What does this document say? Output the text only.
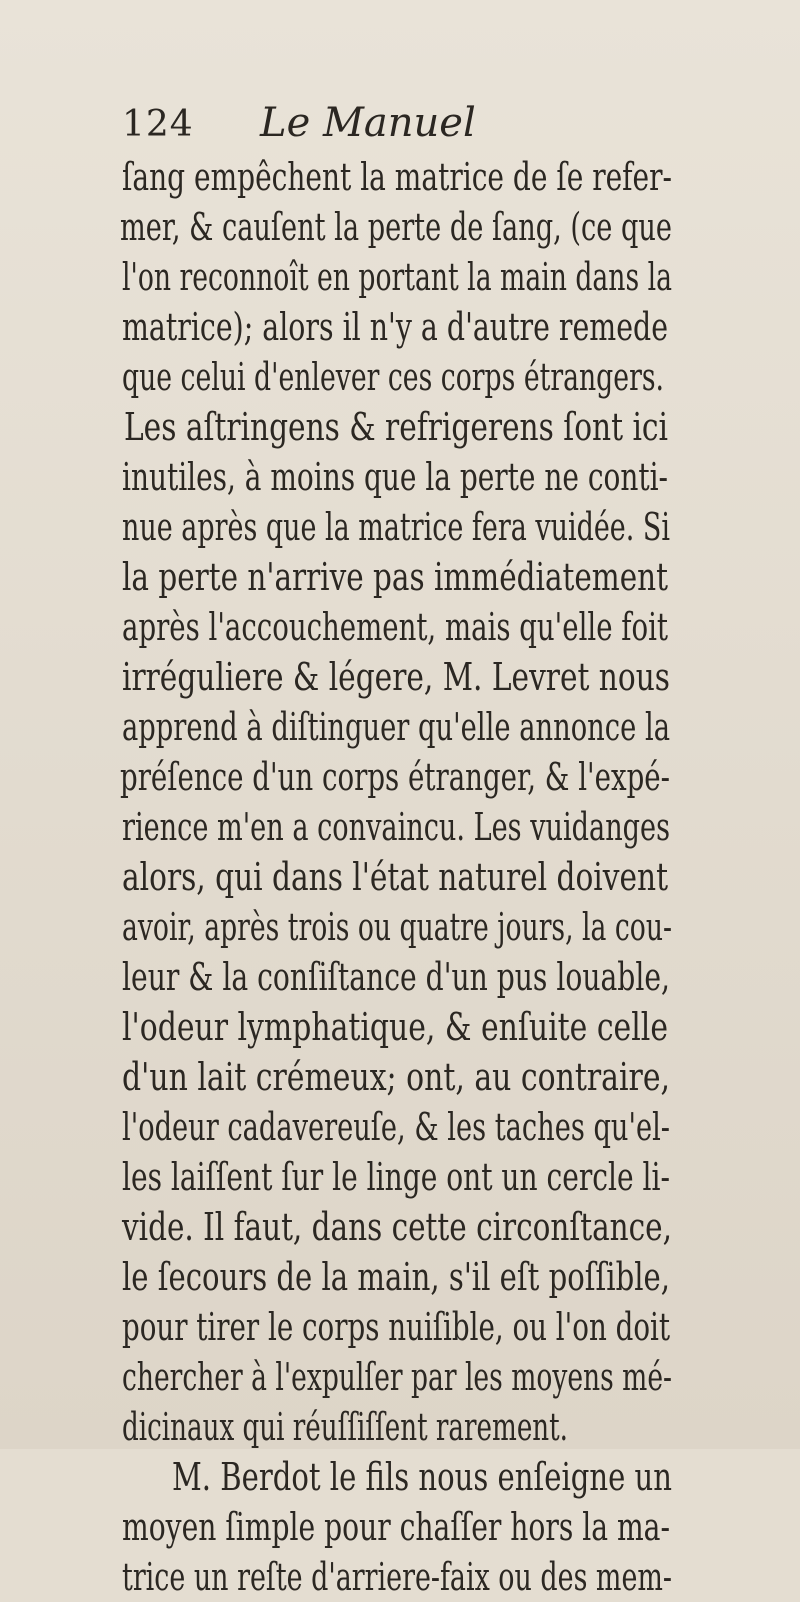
124 Le Manuel
ſang empêchent la matrice de ſe refer-
mer, & cauſent la perte de ſang, (ce que
l'on reconnoît en portant la main dans la
matrice); alors il n'y a d'autre remede
que celui d'enlever ces corps étrangers.
Les aſtringens & refrigerens ſont ici
inutiles, à moins que la perte ne conti-
nue après que la matrice fera vuidée. Si
la perte n'arrive pas immédiatement
après l'accouchement, mais qu'elle foit
irréguliere & légere, M. Levret nous
apprend à diſtinguer qu'elle annonce la
préſence d'un corps étranger, & l'expé-
rience m'en a convaincu. Les vuidanges
alors, qui dans l'état naturel doivent
avoir, après trois ou quatre jours, la cou-
leur & la conſiſtance d'un pus louable,
l'odeur lymphatique, & enſuite celle
d'un lait crémeux; ont, au contraire,
l'odeur cadavereuſe, & les taches qu'el-
les laiſſent ſur le linge ont un cercle li-
vide. Il faut, dans cette circonſtance,
le ſecours de la main, s'il eſt poſſible,
pour tirer le corps nuiſible, ou l'on doit
chercher à l'expulſer par les moyens mé-
dicinaux qui réuſſiſſent rarement.
M. Berdot le fils nous enſeigne un
moyen ſimple pour chaſſer hors la ma-
trice un reſte d'arriere-faix ou des mem-
